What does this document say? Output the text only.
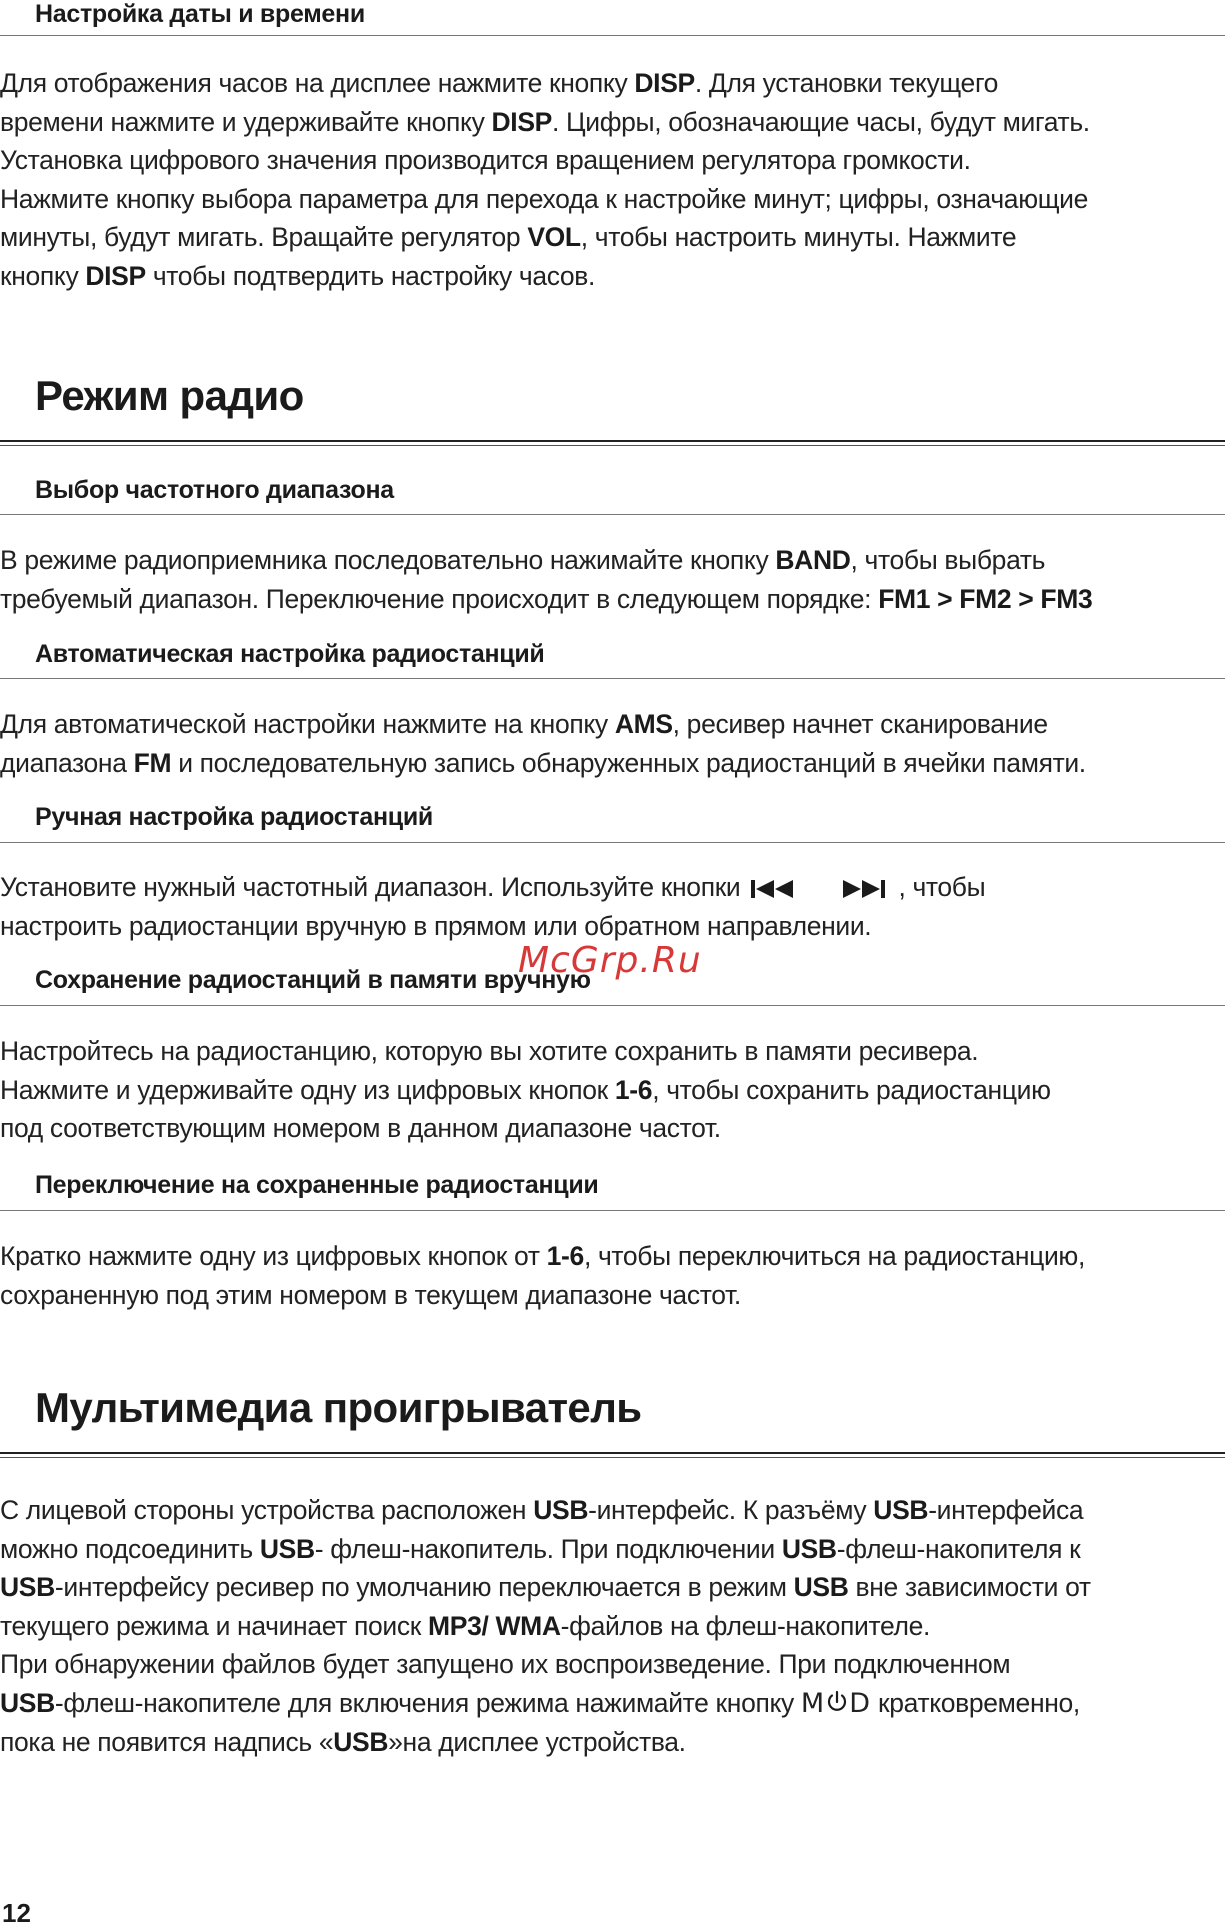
Настройка даты и времени

Для отображения часов на дисплее нажмите кнопку DISP. Для установки текущего
времени нажмите и удерживайте кнопку DISP. Цифры, обозначающие часы, будут мигать.
Установка цифрового значения производится вращением регулятора громкости.
Нажмите кнопку выбора параметра для перехода к настройке минут; цифры, означающие
минуты, будут мигать. Вращайте регулятор VOL, чтобы настроить минуты. Нажмите
кнопку DISP чтобы подтвердить настройку часов.

Режим радио
Выбор частотного диапазона

В режиме радиоприемника последовательно нажимайте кнопку BAND, чтобы выбрать
требуемый диапазон. Переключение происходит в следующем порядке: FM1 > FM2 > FM3

Автоматическая настройка радиостанций

Для автоматической настройки нажмите на кнопку AMS, ресивер начнет сканирование
диапазона FM и последовательную запись обнаруженных радиостанций в ячейки памяти.

Ручная настройка радиостанций

Установите нужный частотный диапазон. Используйте кнопки	, чтобы
настроить радиостанции вручную в прямом или обратном направлении.

Сохранение радиостанций в памяти вручную

Настройтесь на радиостанцию, которую вы хотите сохранить в памяти ресивера.
Нажмите и удерживайте одну из цифровых кнопок 1-6, чтобы сохранить радиостанцию
под соответствующим номером в данном диапазоне частот.

Переключение на сохраненные радиостанции

Кратко нажмите одну из цифровых кнопок от 1-6, чтобы переключиться на радиостанцию,
сохраненную под этим номером в текущем диапазоне частот.

Мультимедиа проигрыватель

С лицевой стороны устройства расположен USB-интерфейс. К разъёму USB-интерфейса
можно подсоединить USB- флеш-накопитель. При подключении USB-флеш-накопителя к
USB-интерфейсу ресивер по умолчанию переключается в режим USB вне зависимости от
текущего режима и начинает поиск MP3/ WMA-файлов на флеш-накопителе.
При обнаружении файлов будет запущено их воспроизведение. При подключенном
USB-флеш-накопителе для включения режима нажимайте кнопку M D кратковременно,
пока не появится надпись «USB»на дисплее устройства.

McGrp.Ru

12
